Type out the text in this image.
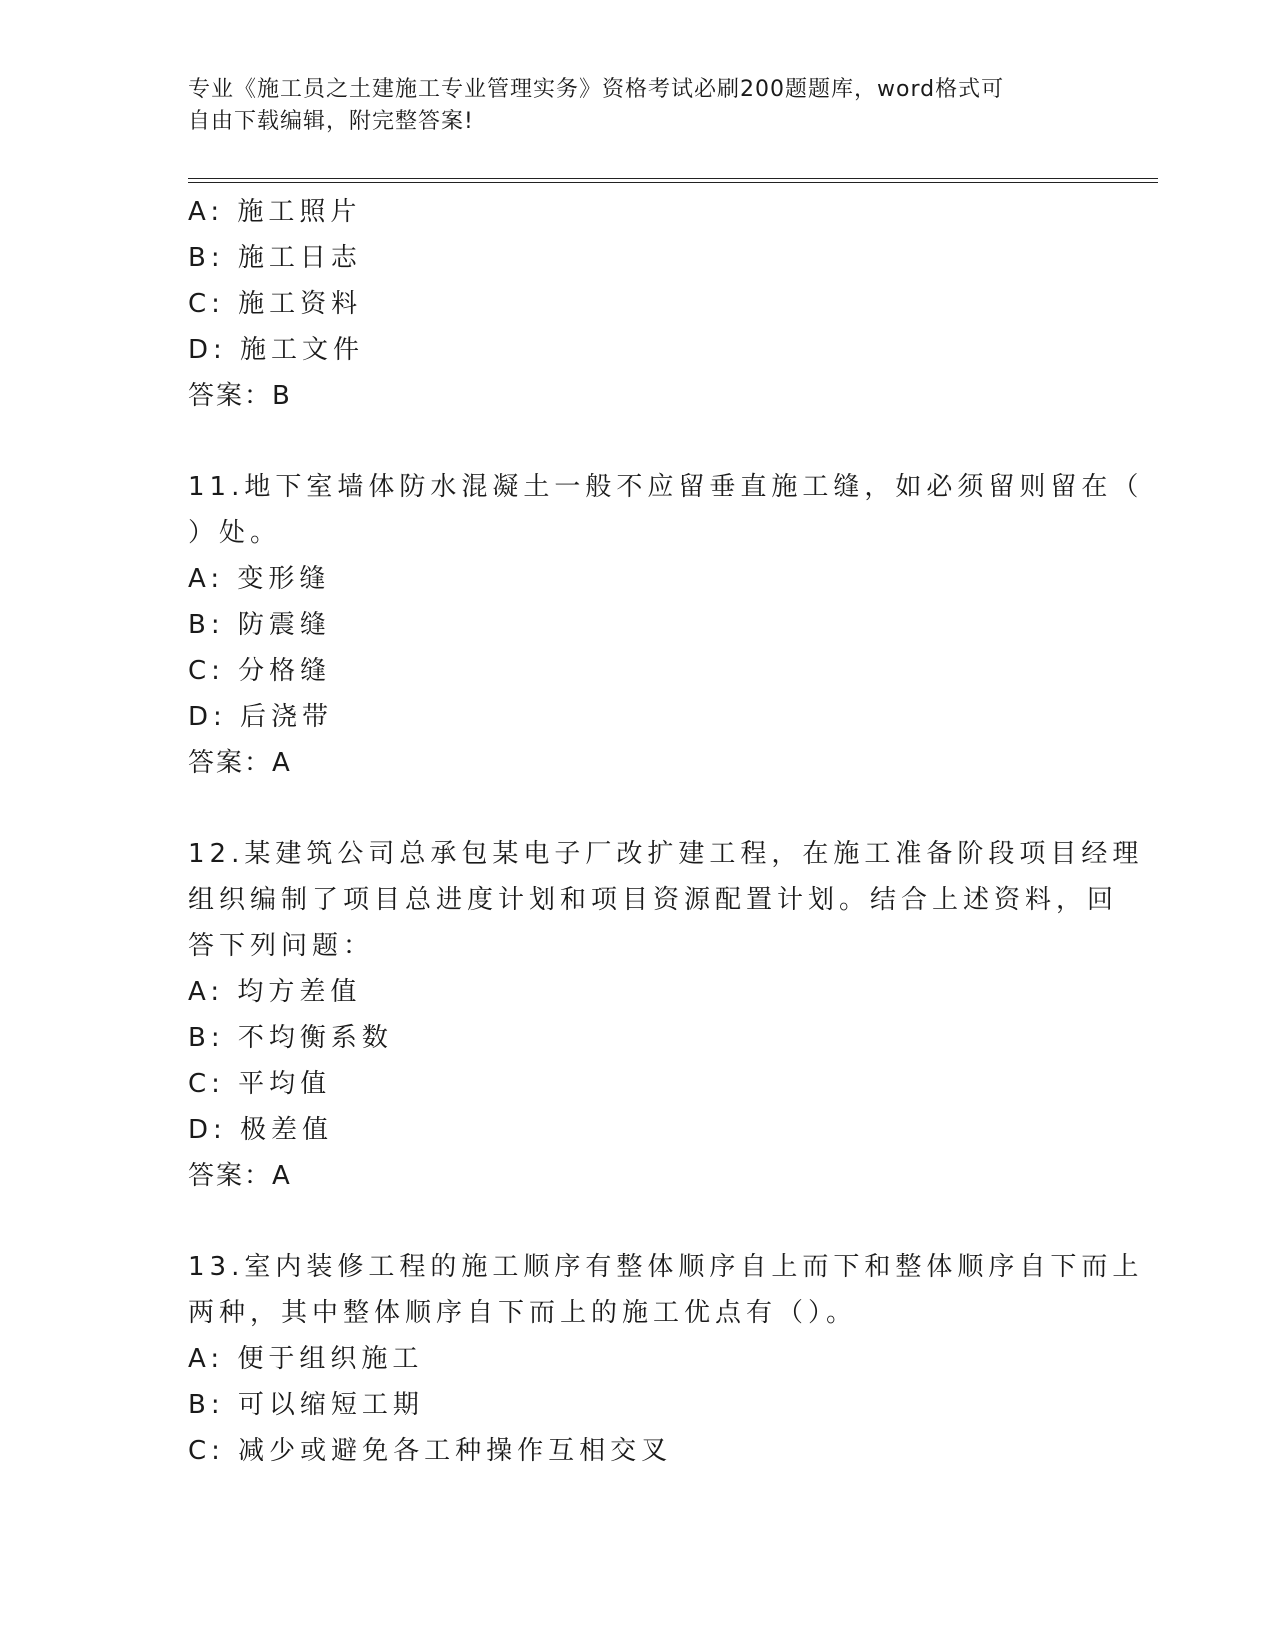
专业《施工员之土建施工专业管理实务》资格考试必刷200题题库，word格式可
自由下载编辑，附完整答案!
A: 施工照片
B: 施工日志
C: 施工资料
D: 施工文件
答案：B
11.地下室墙体防水混凝土一般不应留垂直施工缝，如必须留则留在（
）处。
A: 变形缝
B: 防震缝
C: 分格缝
D: 后浇带
答案：A
12.某建筑公司总承包某电子厂改扩建工程，在施工准备阶段项目经理
组织编制了项目总进度计划和项目资源配置计划。结合上述资料，回
答下列问题：
A: 均方差值
B: 不均衡系数
C: 平均值
D: 极差值
答案：A
13.室内装修工程的施工顺序有整体顺序自上而下和整体顺序自下而上
两种，其中整体顺序自下而上的施工优点有（）。
A: 便于组织施工
B: 可以缩短工期
C: 减少或避免各工种操作互相交叉
